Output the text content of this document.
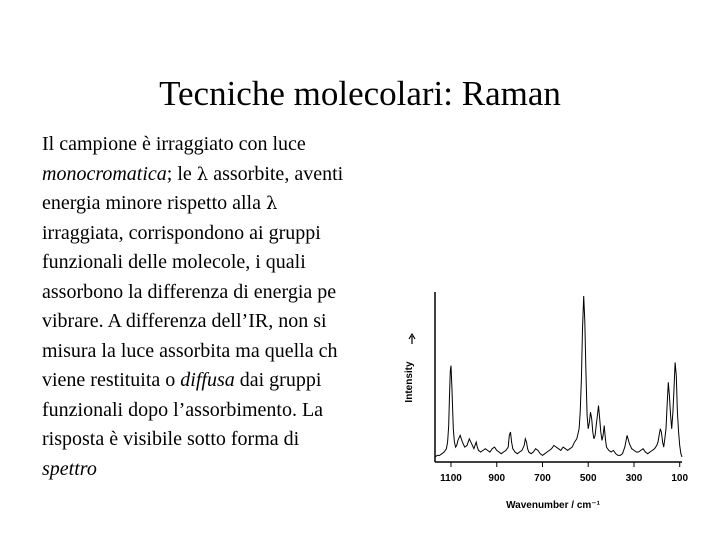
Tecniche molecolari: Raman

Il campione è irraggiato con luce
monocromatica; le λ assorbite, aventi
energia minore rispetto alla λ
irraggiata, corrispondono ai gruppi
funzionali delle molecole, i quali
assorbono la differenza di energia pe
vibrare. A differenza dell’IR, non si
misura la luce assorbita ma quella ch
viene restituita o diffusa dai gruppi
funzionali dopo l’assorbimento. La
risposta è visibile sotto forma di
spettro

Intensity
Wavenumber / cm⁻¹
1100	900	700	500	300	100
